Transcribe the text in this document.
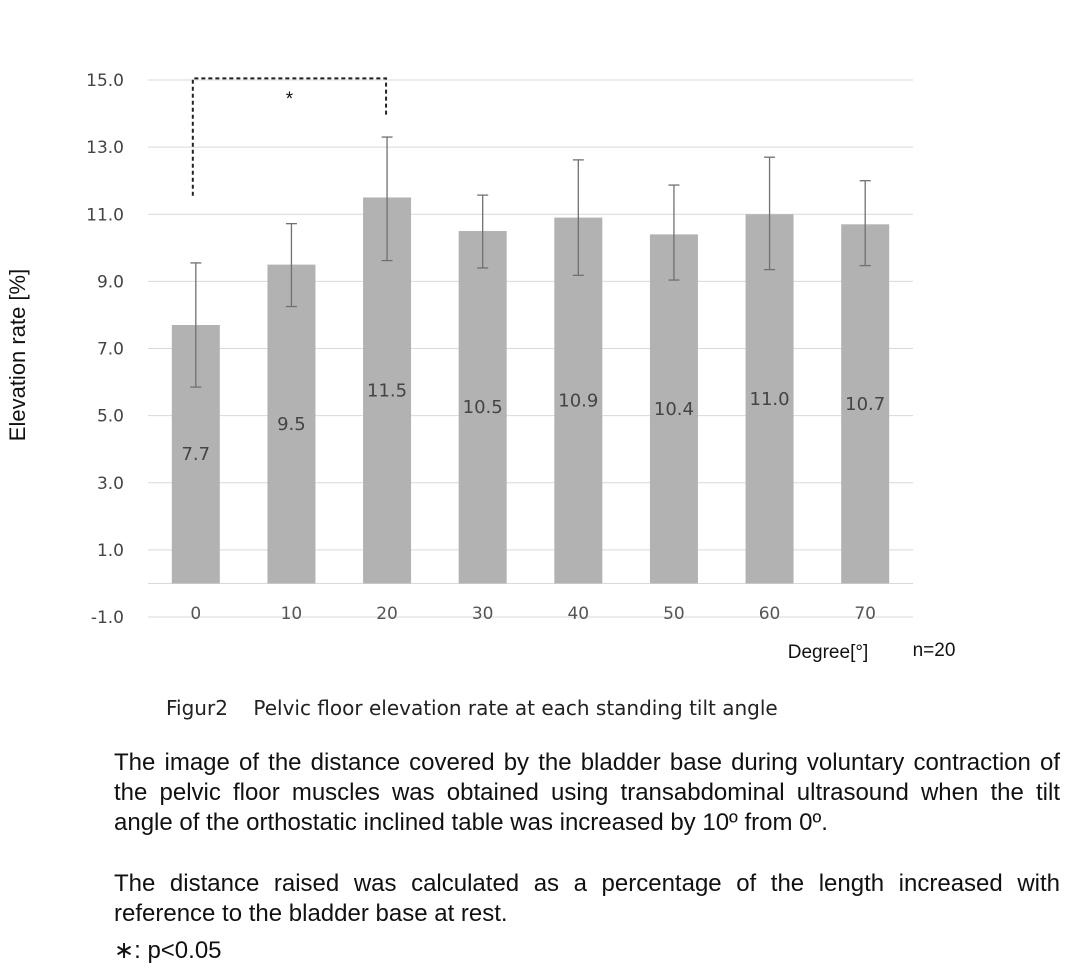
15.0
13.0
11.0
9.0
7.0
5.0
3.0
1.0
-1.0
7.7
9.5
11.5
10.5	10.9	10.4	11.0	10.7
0	10	20	30	40	50	60	70
*
Elevation rate [%]
Degree[°] n=20
Figur2    Pelvic floor elevation rate at each standing tilt angle

The image of the distance covered by the bladder base during voluntary contraction of the pelvic floor muscles was obtained using transabdominal ultrasound when the tilt angle of the orthostatic inclined table was increased by 10º from 0º.

The distance raised was calculated as a percentage of the length increased with reference to the bladder base at rest.

∗: p<0.05
